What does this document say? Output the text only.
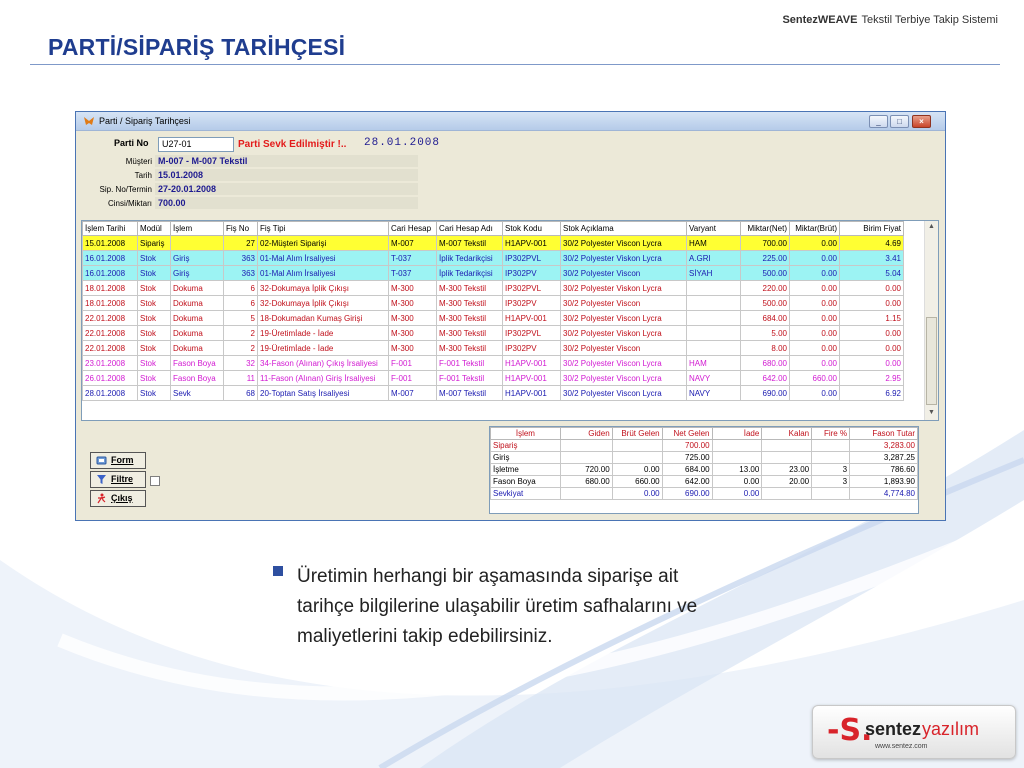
SentezWEAVE Tekstil Terbiye Takip Sistemi
PARTİ/SİPARİŞ TARİHÇESİ
Parti / Sipariş Tarihçesi	_	□	×
Parti No	U27-01	Parti Sevk Edilmiştir !.. 28.01.2008
Müşteri M-007 - M-007 Tekstil
Tarih 15.01.2008
Sip. No/Termin 27-20.01.2008
Cinsi/Miktarı 700.00
İşlem Tarihi	Modül	İşlem	Fiş No	Fiş Tipi	Cari Hesap	Cari Hesap Adı	Stok Kodu	Stok Açıklama	Varyant	Miktar(Net)	Miktar(Brüt)	Birim Fiyat
15.01.2008	Sipariş		27	02-Müşteri Siparişi	M-007	M-007 Tekstil	H1APV-001	30/2 Polyester Viscon Lycra	HAM	700.00	0.00	4.69
16.01.2008	Stok	Giriş	363	01-Mal Alım İrsaliyesi	T-037	İplik Tedarikçisi	IP302PVL	30/2 Polyester Viskon Lycra	A.GRI	225.00	0.00	3.41
16.01.2008	Stok	Giriş	363	01-Mal Alım İrsaliyesi	T-037	İplik Tedarikçisi	IP302PV	30/2 Polyester Viscon	SİYAH	500.00	0.00	5.04
18.01.2008	Stok	Dokuma	6	32-Dokumaya İplik Çıkışı	M-300	M-300 Tekstil	IP302PVL	30/2 Polyester Viskon Lycra		220.00	0.00	0.00
18.01.2008	Stok	Dokuma	6	32-Dokumaya İplik Çıkışı	M-300	M-300 Tekstil	IP302PV	30/2 Polyester Viscon		500.00	0.00	0.00
22.01.2008	Stok	Dokuma	5	18-Dokumadan Kumaş Girişi	M-300	M-300 Tekstil	H1APV-001	30/2 Polyester Viscon Lycra		684.00	0.00	1.15
22.01.2008	Stok	Dokuma	2	19-Üretimİade - İade	M-300	M-300 Tekstil	IP302PVL	30/2 Polyester Viskon Lycra		5.00	0.00	0.00
22.01.2008	Stok	Dokuma	2	19-Üretimİade - İade	M-300	M-300 Tekstil	IP302PV	30/2 Polyester Viscon		8.00	0.00	0.00
23.01.2008	Stok	Fason Boya	32	34-Fason (Alınan) Çıkış İrsaliyesi	F-001	F-001 Tekstil	H1APV-001	30/2 Polyester Viscon Lycra	HAM	680.00	0.00	0.00
26.01.2008	Stok	Fason Boya	11	11-Fason (Alınan) Giriş İrsaliyesi	F-001	F-001 Tekstil	H1APV-001	30/2 Polyester Viscon Lycra	NAVY	642.00	660.00	2.95
28.01.2008	Stok	Sevk	68	20-Toptan Satış İrsaliyesi	M-007	M-007 Tekstil	H1APV-001	30/2 Polyester Viscon Lycra	NAVY	690.00	0.00	6.92
▲
▼
Form
Filtre
Çıkış
İşlem	Giden	Brüt Gelen	Net Gelen	İade	Kalan	Fire %	Fason Tutar
Sipariş			700.00				3,283.00
Giriş			725.00				3,287.25
İşletme	720.00	0.00	684.00	13.00	23.00	3	786.60
Fason Boya	680.00	660.00	642.00	0.00	20.00	3	1,893.90
Sevkiyat		0.00	690.00	0.00			4,774.80
Üretimin herhangi bir aşamasında siparişe ait tarihçe bilgilerine ulaşabilir üretim safhalarını ve maliyetlerini takip edebilirsiniz.
-S.
sentez yazılım
www.sentez.com
